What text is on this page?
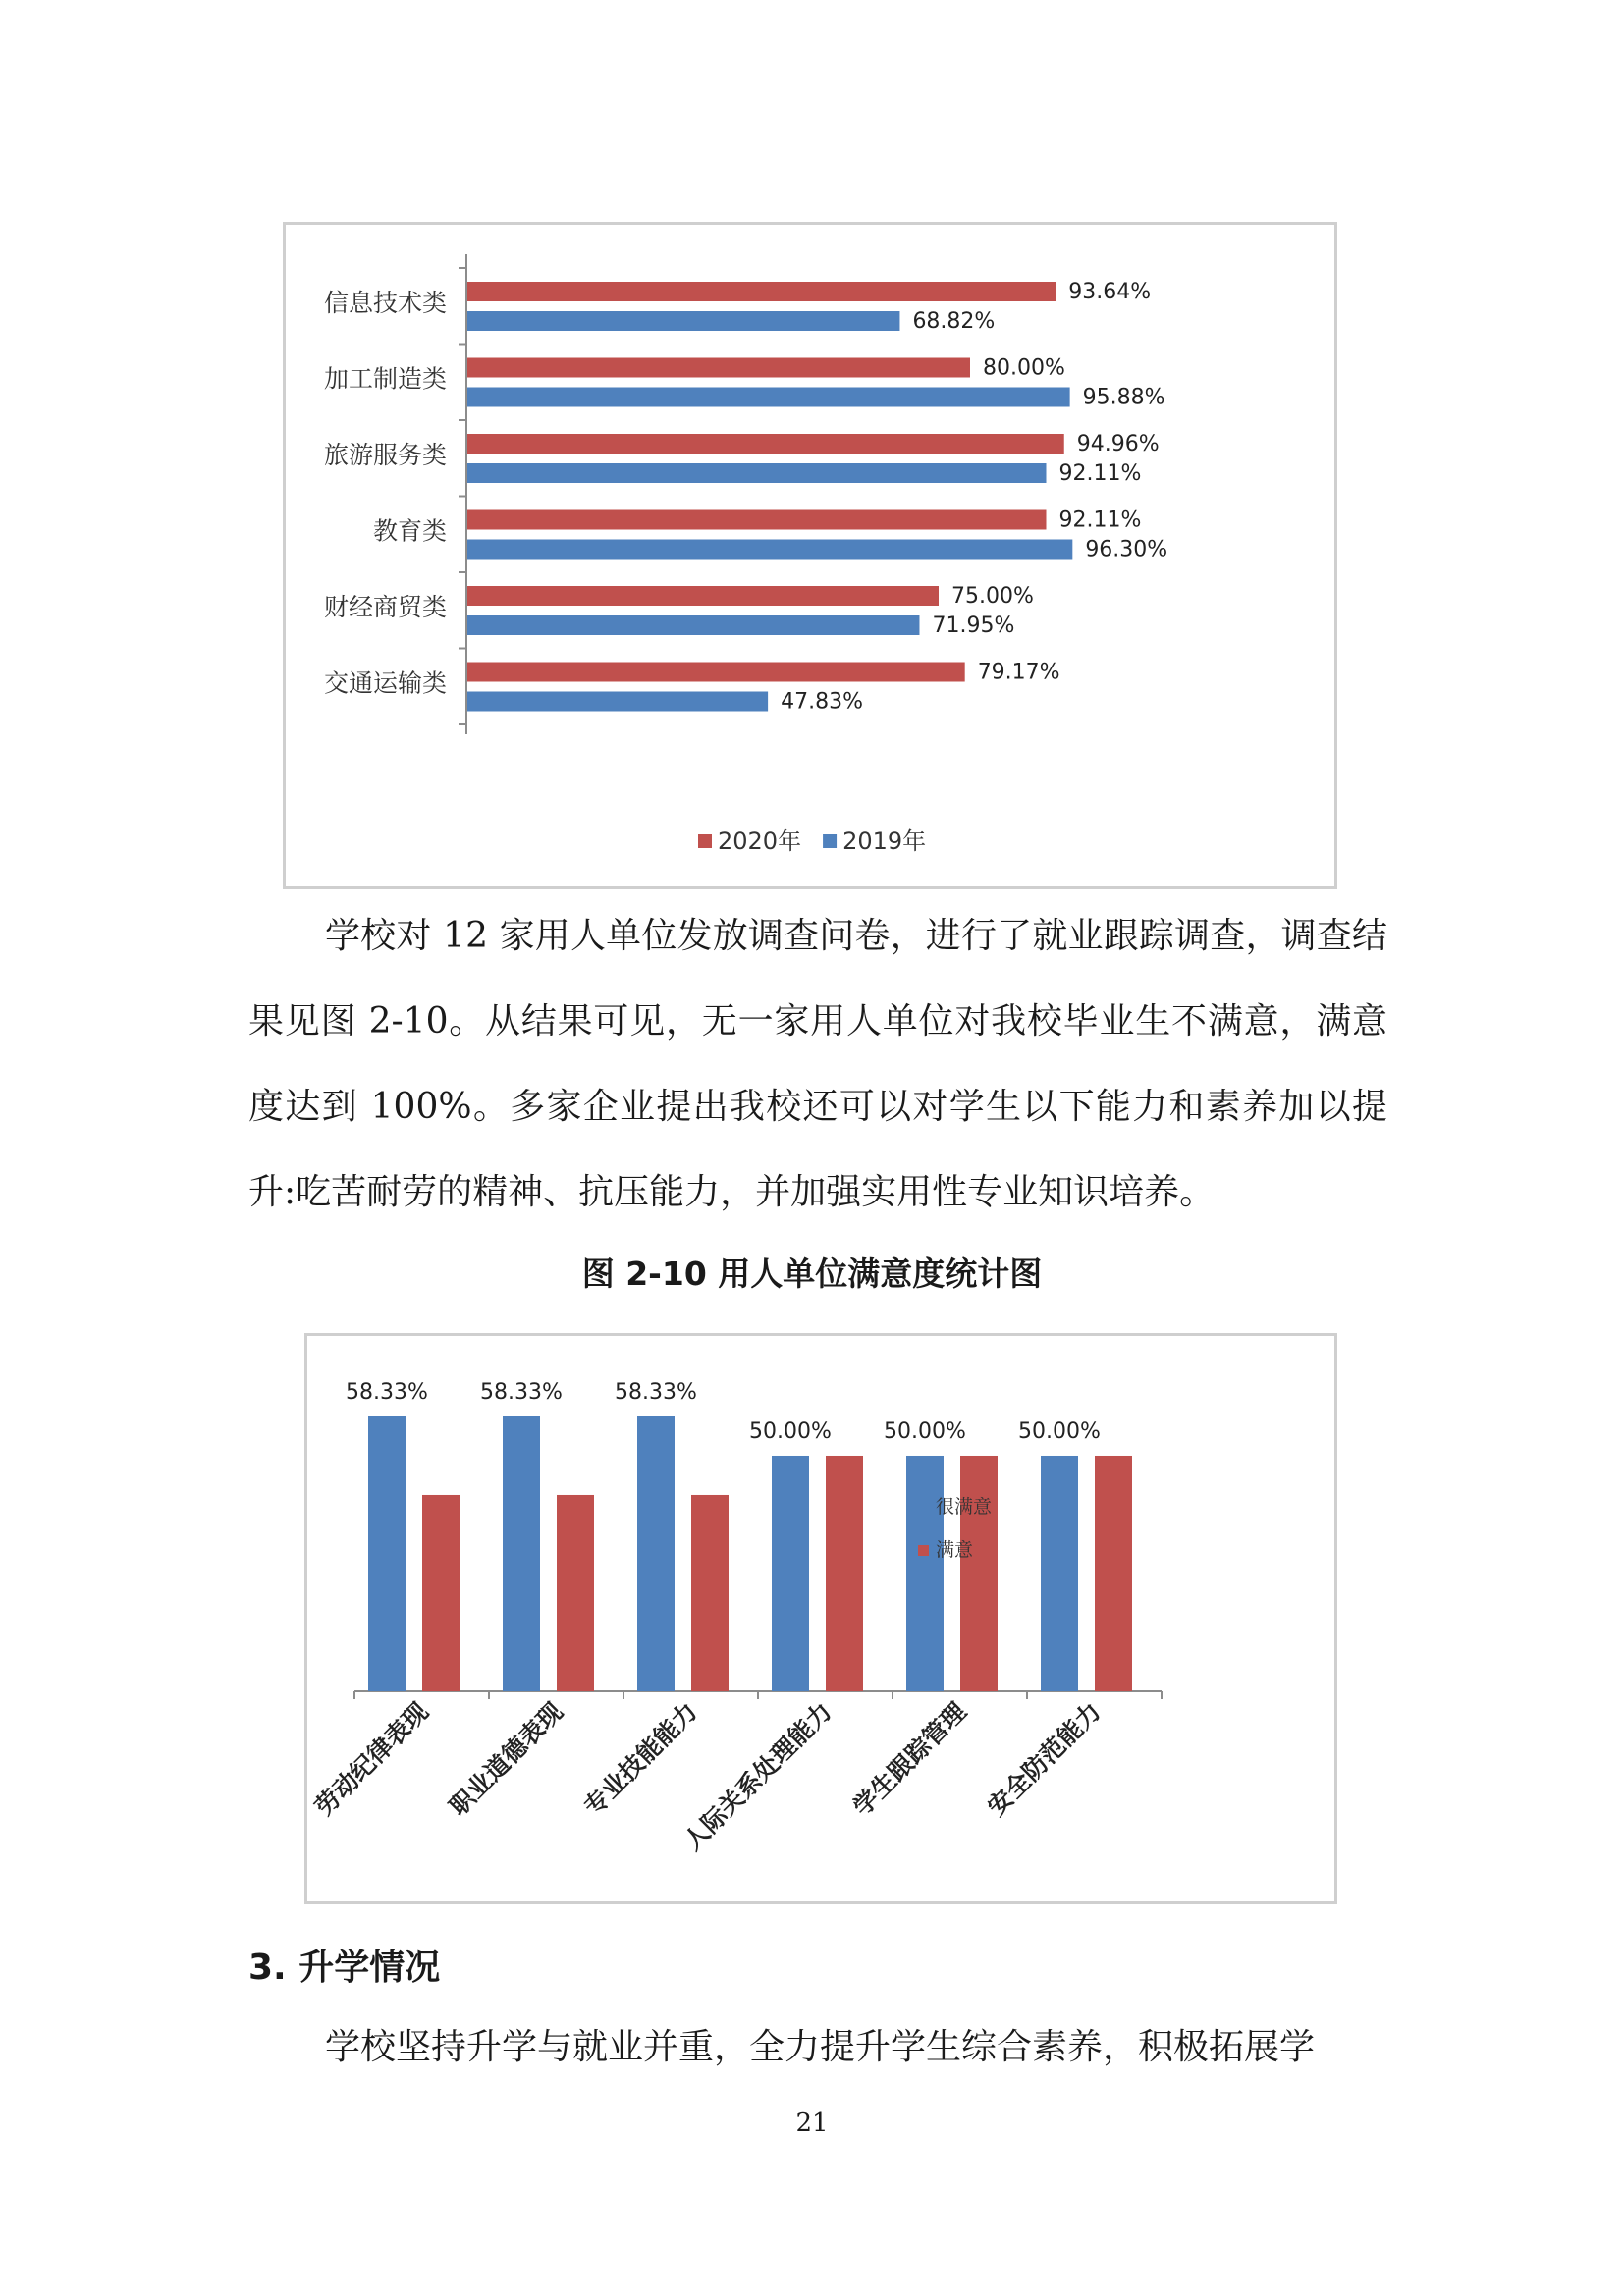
信息技术类	93.64%
68.82%
加工制造类	80.00%
95.88%
旅游服务类	94.96%
92.11%
教育类	92.11%
96.30%
财经商贸类	75.00%
71.95%
交通运输类	79.17%
47.83%
2020年 2019年

学校对 12 家用人单位发放调查问卷，进行了就业跟踪调查，调查结果见图 2-10。从结果可见，无一家用人单位对我校毕业生不满意，满意度达到 100%。多家企业提出我校还可以对学生以下能力和素养加以提升:吃苦耐劳的精神、抗压能力，并加强实用性专业知识培养。

图 2-10 用人单位满意度统计图
58.33%
劳动纪律表现
58.33%
职业道德表现
58.33%
专业技能能力
50.00%
人际关系处理能力
50.00%
学生跟踪管理
50.00%
安全防范能力
很满意
满意
3. 升学情况

学校坚持升学与就业并重，全力提升学生综合素养，积极拓展学

21
